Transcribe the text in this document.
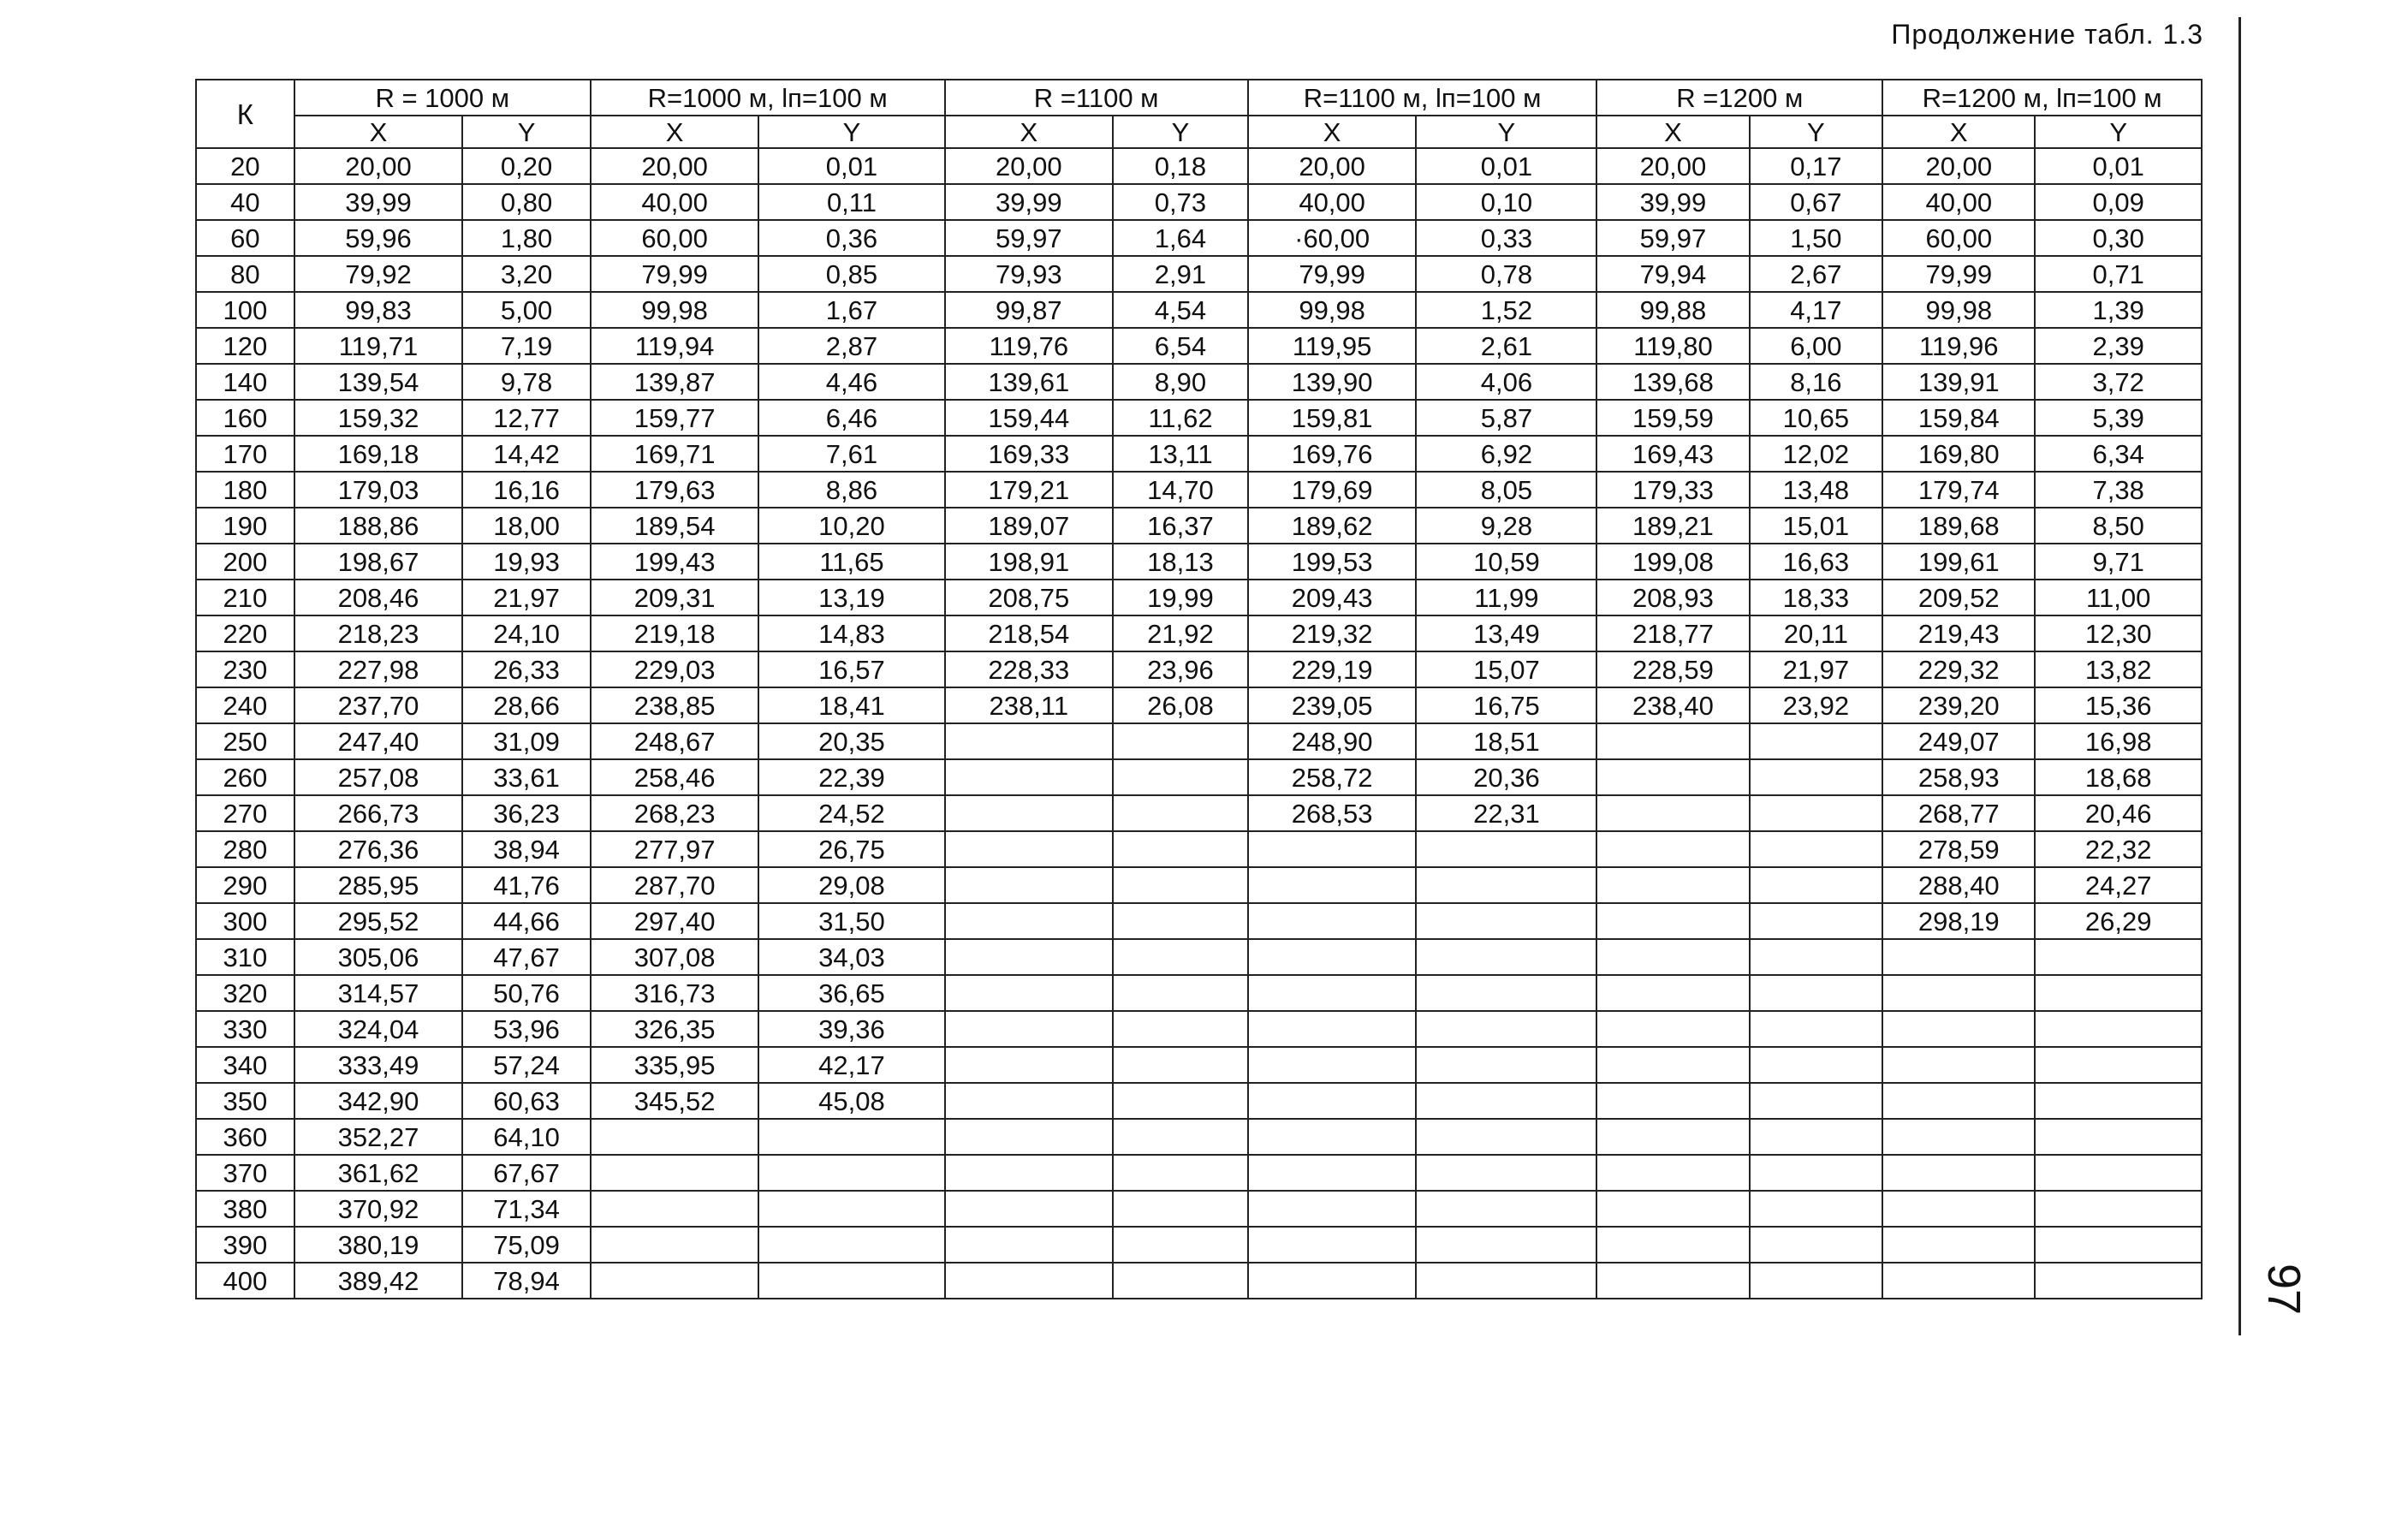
Продолжение табл. 1.3
97
К	R = 1000 м		R=1000 м, lп=100 м		R =1100 м		R=1100 м, lп=100 м		R =1200 м		R=1200 м, lп=100 м	
	X	Y	X	Y	X	Y	X	Y	X	Y	X	Y
20	20,00	0,20	20,00	0,01	20,00	0,18	20,00	0,01	20,00	0,17	20,00	0,01
40	39,99	0,80	40,00	0,11	39,99	0,73	40,00	0,10	39,99	0,67	40,00	0,09
60	59,96	1,80	60,00	0,36	59,97	1,64	·60,00	0,33	59,97	1,50	60,00	0,30
80	79,92	3,20	79,99	0,85	79,93	2,91	79,99	0,78	79,94	2,67	79,99	0,71
100	99,83	5,00	99,98	1,67	99,87	4,54	99,98	1,52	99,88	4,17	99,98	1,39
120	119,71	7,19	119,94	2,87	119,76	6,54	119,95	2,61	119,80	6,00	119,96	2,39
140	139,54	9,78	139,87	4,46	139,61	8,90	139,90	4,06	139,68	8,16	139,91	3,72
160	159,32	12,77	159,77	6,46	159,44	11,62	159,81	5,87	159,59	10,65	159,84	5,39
170	169,18	14,42	169,71	7,61	169,33	13,11	169,76	6,92	169,43	12,02	169,80	6,34
180	179,03	16,16	179,63	8,86	179,21	14,70	179,69	8,05	179,33	13,48	179,74	7,38
190	188,86	18,00	189,54	10,20	189,07	16,37	189,62	9,28	189,21	15,01	189,68	8,50
200	198,67	19,93	199,43	11,65	198,91	18,13	199,53	10,59	199,08	16,63	199,61	9,71
210	208,46	21,97	209,31	13,19	208,75	19,99	209,43	11,99	208,93	18,33	209,52	11,00
220	218,23	24,10	219,18	14,83	218,54	21,92	219,32	13,49	218,77	20,11	219,43	12,30
230	227,98	26,33	229,03	16,57	228,33	23,96	229,19	15,07	228,59	21,97	229,32	13,82
240	237,70	28,66	238,85	18,41	238,11	26,08	239,05	16,75	238,40	23,92	239,20	15,36
250	247,40	31,09	248,67	20,35			248,90	18,51			249,07	16,98
260	257,08	33,61	258,46	22,39			258,72	20,36			258,93	18,68
270	266,73	36,23	268,23	24,52			268,53	22,31			268,77	20,46
280	276,36	38,94	277,97	26,75							278,59	22,32
290	285,95	41,76	287,70	29,08							288,40	24,27
300	295,52	44,66	297,40	31,50							298,19	26,29
310	305,06	47,67	307,08	34,03								
320	314,57	50,76	316,73	36,65								
330	324,04	53,96	326,35	39,36								
340	333,49	57,24	335,95	42,17								
350	342,90	60,63	345,52	45,08								
360	352,27	64,10										
370	361,62	67,67										
380	370,92	71,34										
390	380,19	75,09										
400	389,42	78,94										
